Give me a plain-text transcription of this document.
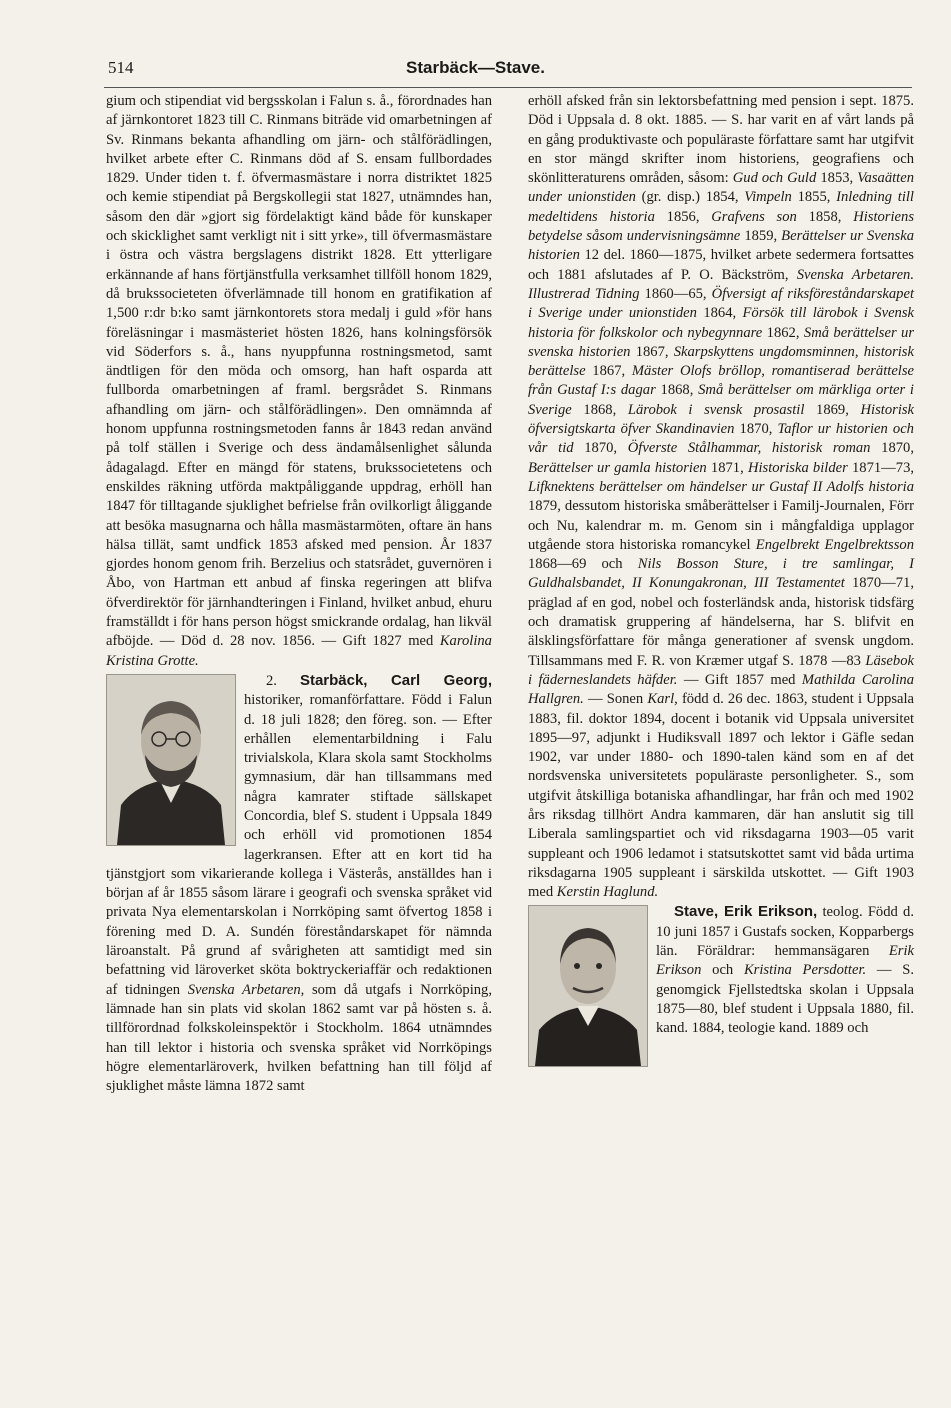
514	Starbäck—Stave.

gium och stipendiat vid bergsskolan i Falun s. å., förordnades han af järnkontoret 1823 till C. Rinmans biträde vid omarbetningen af Sv. Rinmans bekanta afhandling om järn- och stålförädlingen, hvilket arbete efter C. Rinmans död af S. ensam fullbordades 1829. Under tiden t. f. öfvermasmästare i norra distriktet 1825 och kemie stipendiat på Bergskollegii stat 1827, utnämndes han, såsom den där »gjort sig fördelaktigt känd både för kunskaper och skicklighet samt verkligt nit i sitt yrke», till öfvermasmästare i östra och västra bergslagens distrikt 1828. Ett ytterligare erkännande af hans förtjänstfulla verksamhet tillföll honom 1829, då brukssocieteten öfverlämnade till honom en gratifikation af 1,500 r:dr b:ko samt järnkontorets stora medalj i guld »för hans föreläsningar i masmästeriet hösten 1826, hans kolningsförsök vid Söderfors s. å., hans nyuppfunna rostningsmetod, samt ändtligen för den möda och omsorg, han haft osparda att fullborda omarbetningen af framl. bergsrådet S. Rinmans afhandling om järn- och stålförädlingen». Den omnämnda af honom uppfunna rostningsmetoden fanns år 1843 redan använd på tolf ställen i Sverige och dess ändamålsenlighet sålunda ådagalagd. Efter en mängd för statens, brukssocietetens och enskildes räkning utförda maktpåliggande uppdrag, erhöll han 1847 för tilltagande sjuklighet befrielse från ovilkorligt åliggande att besöka masugnarna och hålla masmästarmöten, oftare än hans hälsa tillät, samt undfick 1853 afsked med pension. År 1837 gjordes honom genom frih. Berzelius och statsrådet, guvernören i Åbo, von Hartman ett anbud af finska regeringen att blifva öfverdirektör för järnhandteringen i Finland, hvilket anbud, ehuru framställdt i för hans person högst smickrande ordalag, han likväl afböjde. — Död d. 28 nov. 1856. — Gift 1827 med Karolina Kristina Grotte.

2. Starbäck, Carl Georg,
historiker, romanförfattare. Född i Falun d. 18 juli 1828; den föreg. son. — Efter erhållen elementarbildning i Falu trivialskola, Klara skola samt Stockholms gymnasium, där han tillsammans med några kamrater stiftade sällskapet Concordia, blef S. student i Uppsala 1849 och erhöll vid promotionen 1854 lagerkransen. Efter att en kort tid ha tjänstgjort som vikarierande kollega i Västerås, anställdes han i början af år 1855 såsom lärare i geografi och svenska språket vid privata Nya elementarskolan i Norrköping samt öfvertog 1858 i förening med D. A. Sundén föreståndarskapet för nämnda läroanstalt. På grund af svårigheten att samtidigt med sin befattning vid läroverket sköta boktryckeriaffär och redaktionen af tidningen Svenska Arbetaren, som då utgafs i Norrköping, lämnade han sin plats vid skolan 1862 samt var på hösten s. å. tillförordnad folkskoleinspektör i Stockholm. 1864 utnämndes han till lektor i historia och svenska språket vid Norrköpings högre elementarläroverk, hvilken befattning han till följd af sjuklighet måste lämna 1872 samt

erhöll afsked från sin lektorsbefattning med pension i sept. 1875. Död i Uppsala d. 8 okt. 1885. — S. har varit en af vårt lands på en gång produktivaste och populäraste författare samt har utgifvit en stor mängd skrifter inom historiens, geografiens och skönlitteraturens områden, såsom: Gud och Guld 1853, Vasaätten under unionstiden (gr. disp.) 1854, Vimpeln 1855, Inledning till medeltidens historia 1856, Grafvens son 1858, Historiens betydelse såsom undervisningsämne 1859, Berättelser ur Svenska historien 12 del. 1860—1875, hvilket arbete sedermera fortsattes och 1881 afslutades af P. O. Bäckström, Svenska Arbetaren. Illustrerad Tidning 1860—65, Öfversigt af riksföreståndarskapet i Sverige under unionstiden 1864, Försök till lärobok i Svensk historia för folkskolor och nybegynnare 1862, Små berättelser ur svenska historien 1867, Skarpskyttens ungdomsminnen, historisk berättelse 1867, Mäster Olofs bröllop, romantiserad berättelse från Gustaf I:s dagar 1868, Små berättelser om märkliga orter i Sverige 1868, Lärobok i svensk prosastil 1869, Historisk öfversigtskarta öfver Skandinavien 1870, Taflor ur historien och vår tid 1870, Öfverste Stålhammar, historisk roman 1870, Berättelser ur gamla historien 1871, Historiska bilder 1871—73, Lifknektens berättelser om händelser ur Gustaf II Adolfs historia 1879, dessutom historiska småberättelser i Familj-Journalen, Förr och Nu, kalendrar m. m. Genom sin i mångfaldiga upplagor utgående stora historiska romancykel Engelbrekt Engelbrektsson 1868—69 och Nils Bosson Sture, i tre samlingar, I Guldhalsbandet, II Konungakronan, III Testamentet 1870—71, präglad af en god, nobel och fosterländsk anda, historisk tidsfärg och dramatisk gruppering af händelserna, har S. blifvit en älsklingsförfattare för många generationer af svensk ungdom. Tillsammans med F. R. von Kræmer utgaf S. 1878 —83 Läsebok i fäderneslandets häfder. — Gift 1857 med Mathilda Carolina Hallgren. — Sonen Karl, född d. 26 dec. 1863, student i Uppsala 1883, fil. doktor 1894, docent i botanik vid Uppsala universitet 1895—97, adjunkt i Hudiksvall 1897 och lektor i Gäfle sedan 1902, var under 1880- och 1890-talen känd som en af det nordsvenska universitetets populäraste personligheter. S., som utgifvit åtskilliga botaniska afhandlingar, har från och med 1902 års riksdag tillhört Andra kammaren, där han anslutit sig till Liberala samlingspartiet och vid riksdagarna 1903—05 varit suppleant och 1906 ledamot i statsutskottet samt vid båda urtima riksdagarna 1905 suppleant i särskilda utskottet. — Gift 1903 med Kerstin Haglund.

Stave, Erik Erikson, teolog. Född d. 10 juni 1857 i Gustafs socken, Kopparbergs län. Föräldrar: hemmansägaren Erik Erikson och Kristina Persdotter. — S. genomgick Fjellstedtska skolan i Uppsala 1875—80, blef student i Uppsala 1880, fil. kand. 1884, teologie kand. 1889 och
